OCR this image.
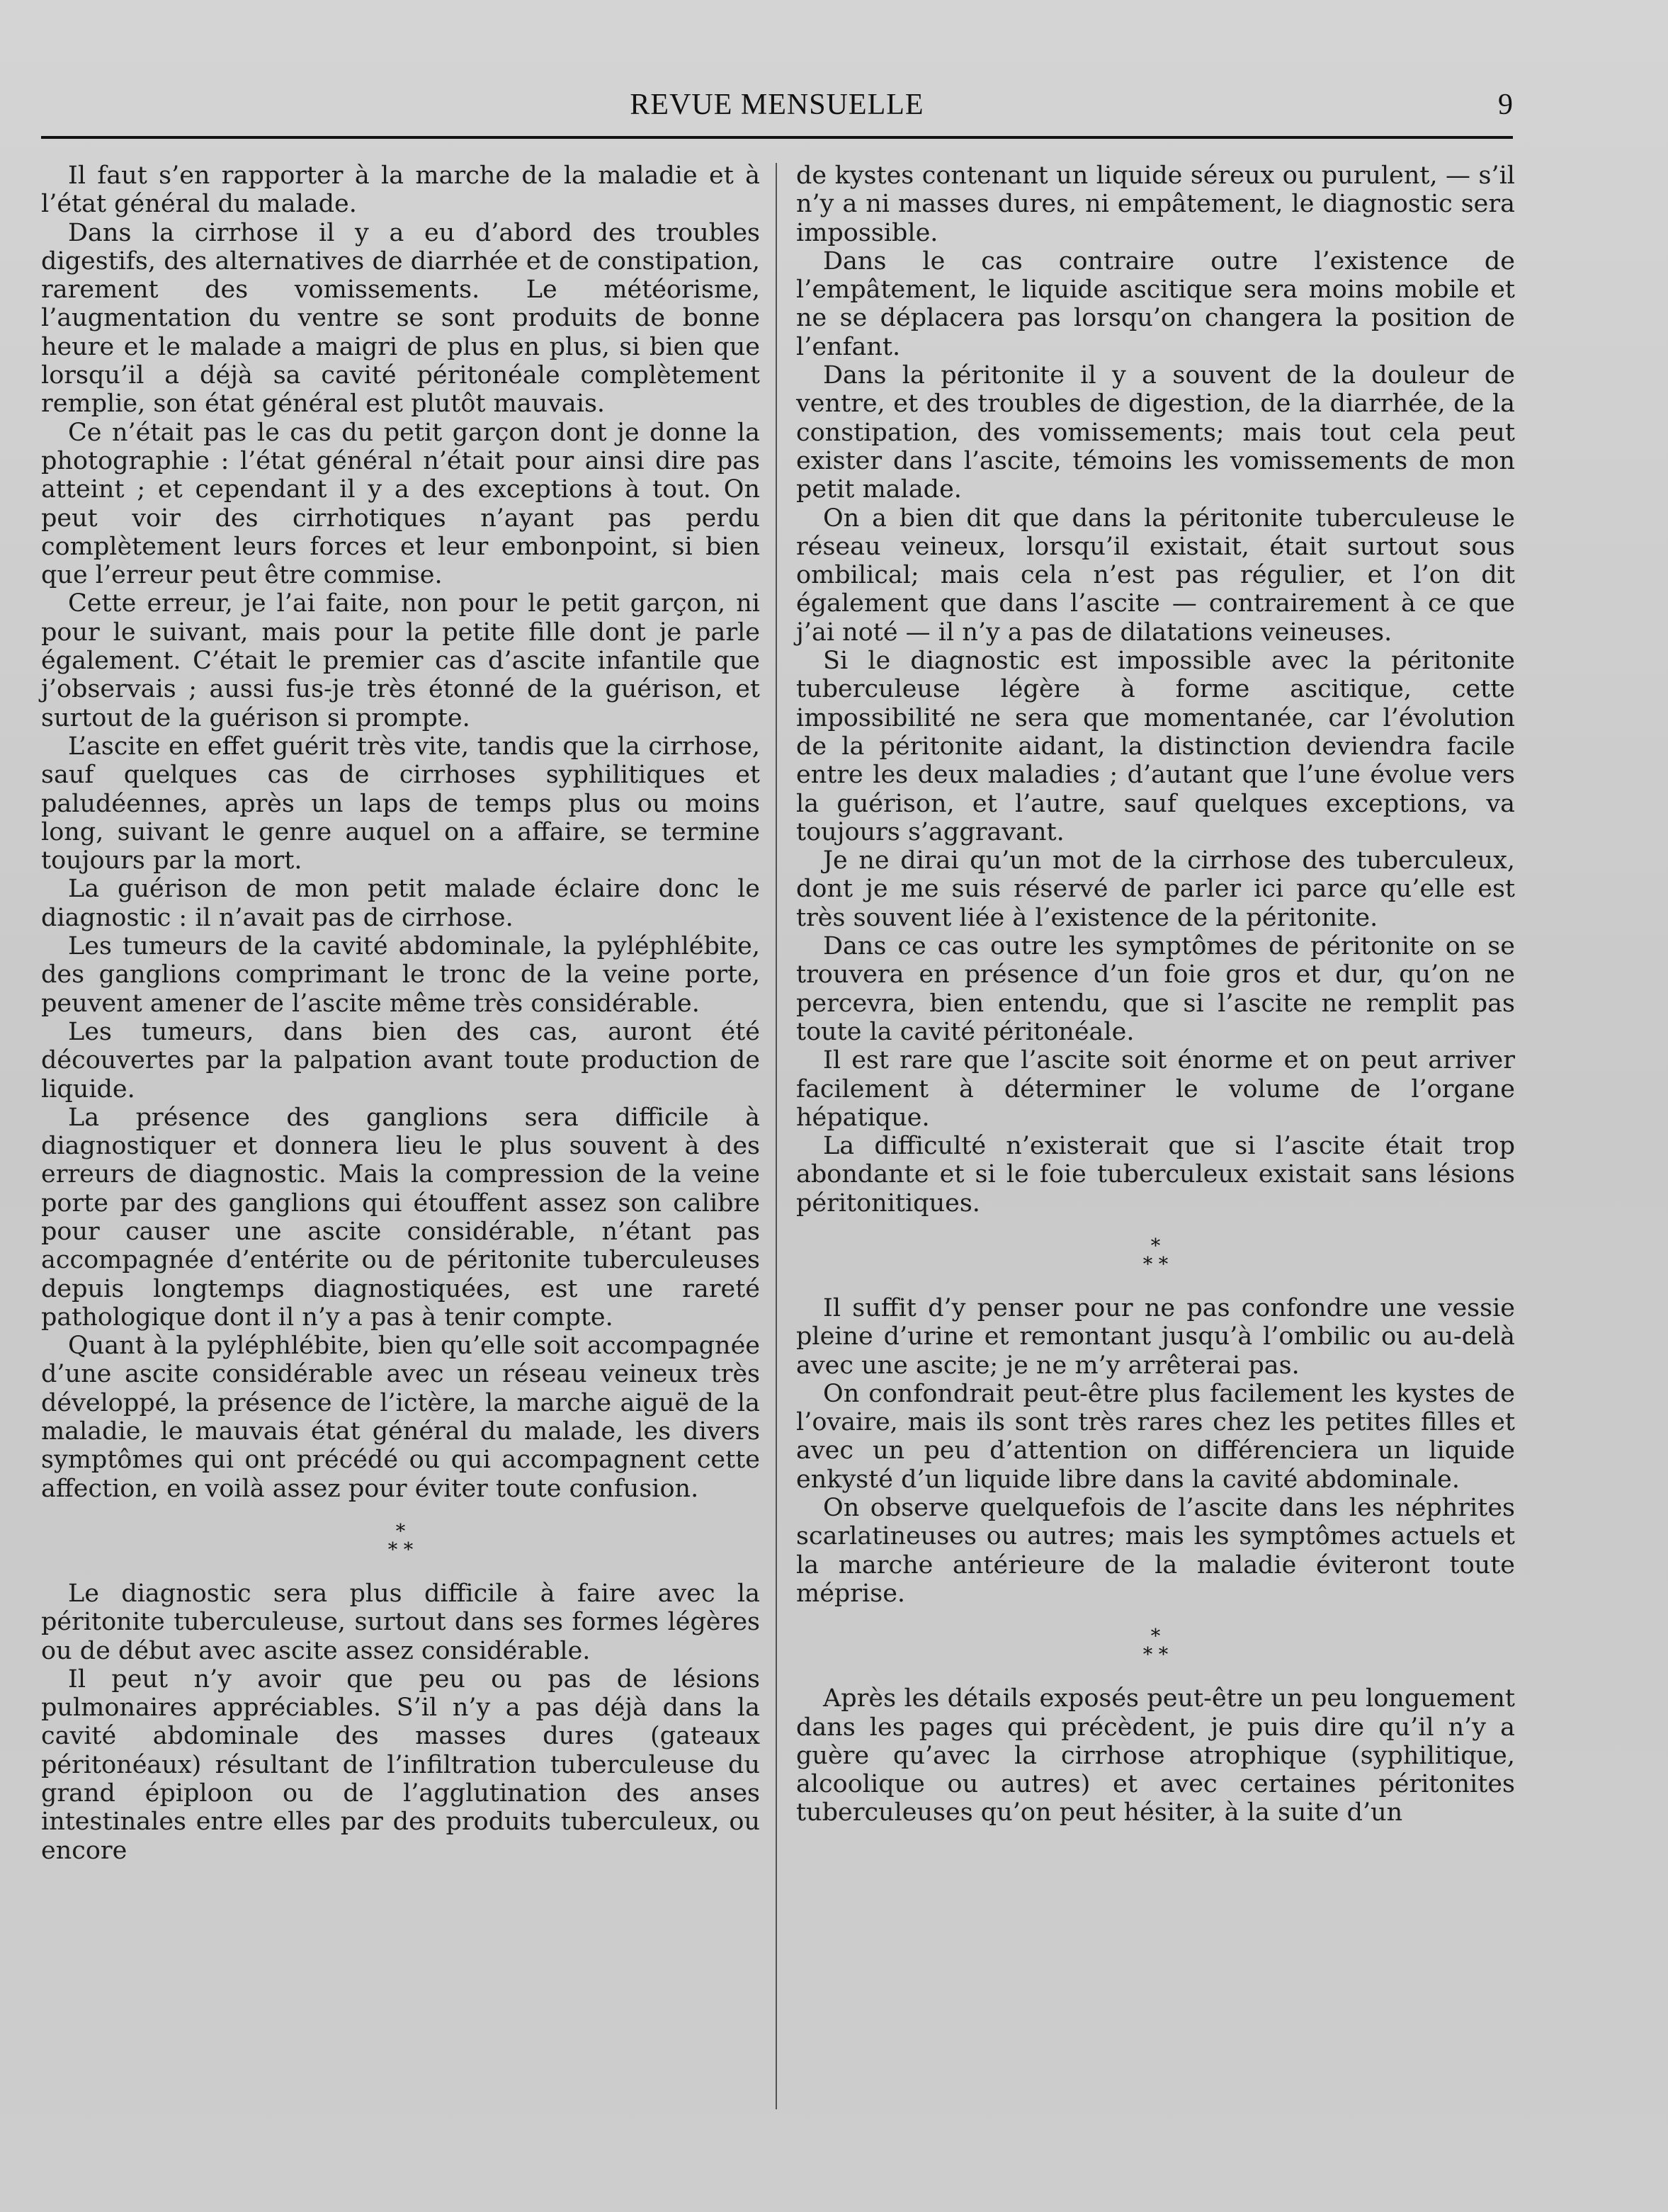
REVUE MENSUELLE	9

Il faut s’en rapporter à la marche de la maladie et à l’état général du malade.

Dans la cirrhose il y a eu d’abord des troubles digestifs, des alternatives de diarrhée et de constipation, rarement des vomissements. Le météorisme, l’augmentation du ventre se sont produits de bonne heure et le malade a maigri de plus en plus, si bien que lorsqu’il a déjà sa cavité péritonéale complètement remplie, son état général est plutôt mauvais.

Ce n’était pas le cas du petit garçon dont je donne la photographie : l’état général n’était pour ainsi dire pas atteint ; et cependant il y a des exceptions à tout. On peut voir des cirrhotiques n’ayant pas perdu complètement leurs forces et leur embonpoint, si bien que l’erreur peut être commise.

Cette erreur, je l’ai faite, non pour le petit garçon, ni pour le suivant, mais pour la petite fille dont je parle également. C’était le premier cas d’ascite infantile que j’observais ; aussi fus-je très étonné de la guérison, et surtout de la guérison si prompte.

L’ascite en effet guérit très vite, tandis que la cirrhose, sauf quelques cas de cirrhoses syphilitiques et paludéennes, après un laps de temps plus ou moins long, suivant le genre auquel on a affaire, se termine toujours par la mort.

La guérison de mon petit malade éclaire donc le diagnostic : il n’avait pas de cirrhose.

Les tumeurs de la cavité abdominale, la pyléphlébite, des ganglions comprimant le tronc de la veine porte, peuvent amener de l’ascite même très considérable.

Les tumeurs, dans bien des cas, auront été découvertes par la palpation avant toute production de liquide.

La présence des ganglions sera difficile à diagnostiquer et donnera lieu le plus souvent à des erreurs de diagnostic. Mais la compression de la veine porte par des ganglions qui étouffent assez son calibre pour causer une ascite considérable, n’étant pas accompagnée d’entérite ou de péritonite tuberculeuses depuis longtemps diagnostiquées, est une rareté pathologique dont il n’y a pas à tenir compte.

Quant à la pyléphlébite, bien qu’elle soit accompagnée d’une ascite considérable avec un réseau veineux très développé, la présence de l’ictère, la marche aiguë de la maladie, le mauvais état général du malade, les divers symptômes qui ont précédé ou qui accompagnent cette affection, en voilà assez pour éviter toute confusion.

*

* *

Le diagnostic sera plus difficile à faire avec la péritonite tuberculeuse, surtout dans ses formes légères ou de début avec ascite assez considérable.

Il peut n’y avoir que peu ou pas de lésions pulmonaires appréciables. S’il n’y a pas déjà dans la cavité abdominale des masses dures (gateaux péritonéaux) résultant de l’infiltration tuberculeuse du grand épiploon ou de l’agglutination des anses intestinales entre elles par des produits tuberculeux, ou encore

de kystes contenant un liquide séreux ou purulent, — s’il n’y a ni masses dures, ni empâtement, le diagnostic sera impossible.

Dans le cas contraire outre l’existence de l’empâtement, le liquide ascitique sera moins mobile et ne se déplacera pas lorsqu’on changera la position de l’enfant.

Dans la péritonite il y a souvent de la douleur de ventre, et des troubles de digestion, de la diarrhée, de la constipation, des vomissements; mais tout cela peut exister dans l’ascite, témoins les vomissements de mon petit malade.

On a bien dit que dans la péritonite tuberculeuse le réseau veineux, lorsqu’il existait, était surtout sous ombilical; mais cela n’est pas régulier, et l’on dit également que dans l’ascite — contrairement à ce que j’ai noté — il n’y a pas de dilatations veineuses.

Si le diagnostic est impossible avec la péritonite tuberculeuse légère à forme ascitique, cette impossibilité ne sera que momentanée, car l’évolution de la péritonite aidant, la distinction deviendra facile entre les deux maladies ; d’autant que l’une évolue vers la guérison, et l’autre, sauf quelques exceptions, va toujours s’aggravant.

Je ne dirai qu’un mot de la cirrhose des tuberculeux, dont je me suis réservé de parler ici parce qu’elle est très souvent liée à l’existence de la péritonite.

Dans ce cas outre les symptômes de péritonite on se trouvera en présence d’un foie gros et dur, qu’on ne percevra, bien entendu, que si l’ascite ne remplit pas toute la cavité péritonéale.

Il est rare que l’ascite soit énorme et on peut arriver facilement à déterminer le volume de l’organe hépatique.

La difficulté n’existerait que si l’ascite était trop abondante et si le foie tuberculeux existait sans lésions péritonitiques.

*

* *

Il suffit d’y penser pour ne pas confondre une vessie pleine d’urine et remontant jusqu’à l’ombilic ou au-delà avec une ascite; je ne m’y arrêterai pas.

On confondrait peut-être plus facilement les kystes de l’ovaire, mais ils sont très rares chez les petites filles et avec un peu d’attention on différenciera un liquide enkysté d’un liquide libre dans la cavité abdominale.

On observe quelquefois de l’ascite dans les néphrites scarlatineuses ou autres; mais les symptômes actuels et la marche antérieure de la maladie éviteront toute méprise.

*

* *

Après les détails exposés peut-être un peu longuement dans les pages qui précèdent, je puis dire qu’il n’y a guère qu’avec la cirrhose atrophique (syphilitique, alcoolique ou autres) et avec certaines péritonites tuberculeuses qu’on peut hésiter, à la suite d’un
